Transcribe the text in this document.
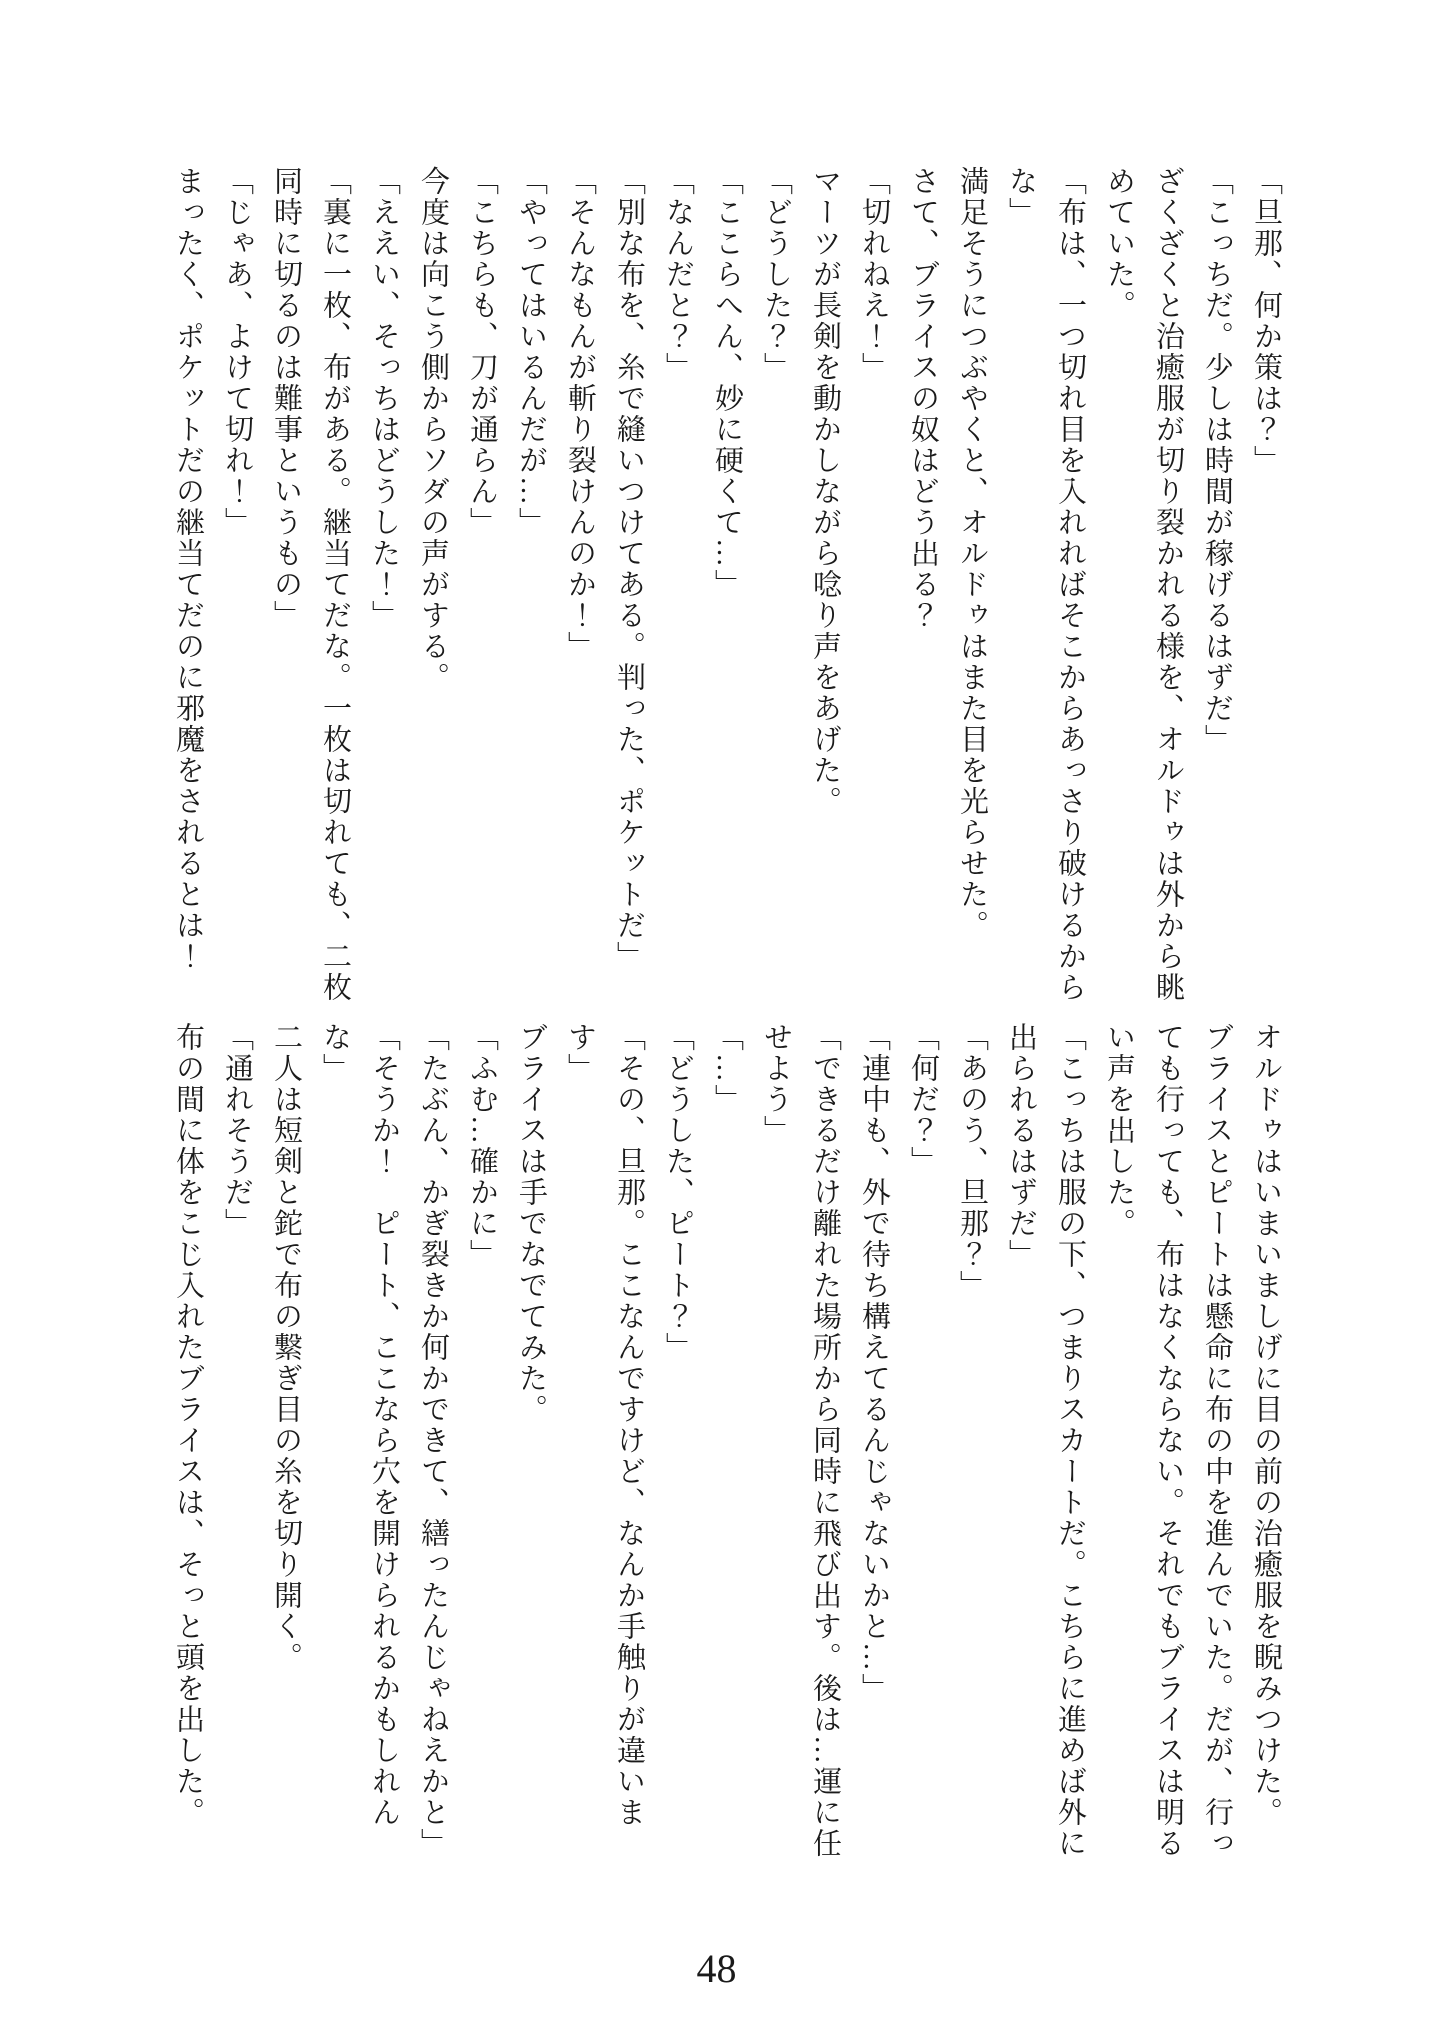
「旦那、何か策は？」

「こっちだ。少しは時間が稼げるはずだ」

ざくざくと治癒服が切り裂かれる様を、オルドゥは外から眺

めていた。

「布は、一つ切れ目を入れればそこからあっさり破けるから

な」

満足そうにつぶやくと、オルドゥはまた目を光らせた。

さて、ブライスの奴はどう出る？

「切れねえ！」

マーツが長剣を動かしながら唸り声をあげた。

「どうした？」

「ここらへん、妙に硬くて…」

「なんだと？」

「別な布を、糸で縫いつけてある。判った、ポケットだ」

「そんなもんが斬り裂けんのか！」

「やってはいるんだが…」

「こちらも、刀が通らん」

今度は向こう側からソダの声がする。

「ええい、そっちはどうした！」

「裏に一枚、布がある。継当てだな。一枚は切れても、二枚

同時に切るのは難事というもの」

「じゃあ、よけて切れ！」

まったく、ポケットだの継当てだのに邪魔をされるとは！

オルドゥはいまいましげに目の前の治癒服を睨みつけた。

ブライスとピートは懸命に布の中を進んでいた。だが、行っ

ても行っても、布はなくならない。それでもブライスは明る

い声を出した。

「こっちは服の下、つまりスカートだ。こちらに進めば外に

出られるはずだ」

「あのう、旦那？」

「何だ？」

「連中も、外で待ち構えてるんじゃないかと…」

「できるだけ離れた場所から同時に飛び出す。後は…運に任

せよう」

「…」

「どうした、ピート？」

「その、旦那。ここなんですけど、なんか手触りが違いま

す」

ブライスは手でなでてみた。

「ふむ…確かに」

「たぶん、かぎ裂きか何かできて、繕ったんじゃねえかと」

「そうか！　ピート、ここなら穴を開けられるかもしれん

な」

二人は短剣と鉈で布の繋ぎ目の糸を切り開く。

「通れそうだ」

布の間に体をこじ入れたブライスは、そっと頭を出した。

48
